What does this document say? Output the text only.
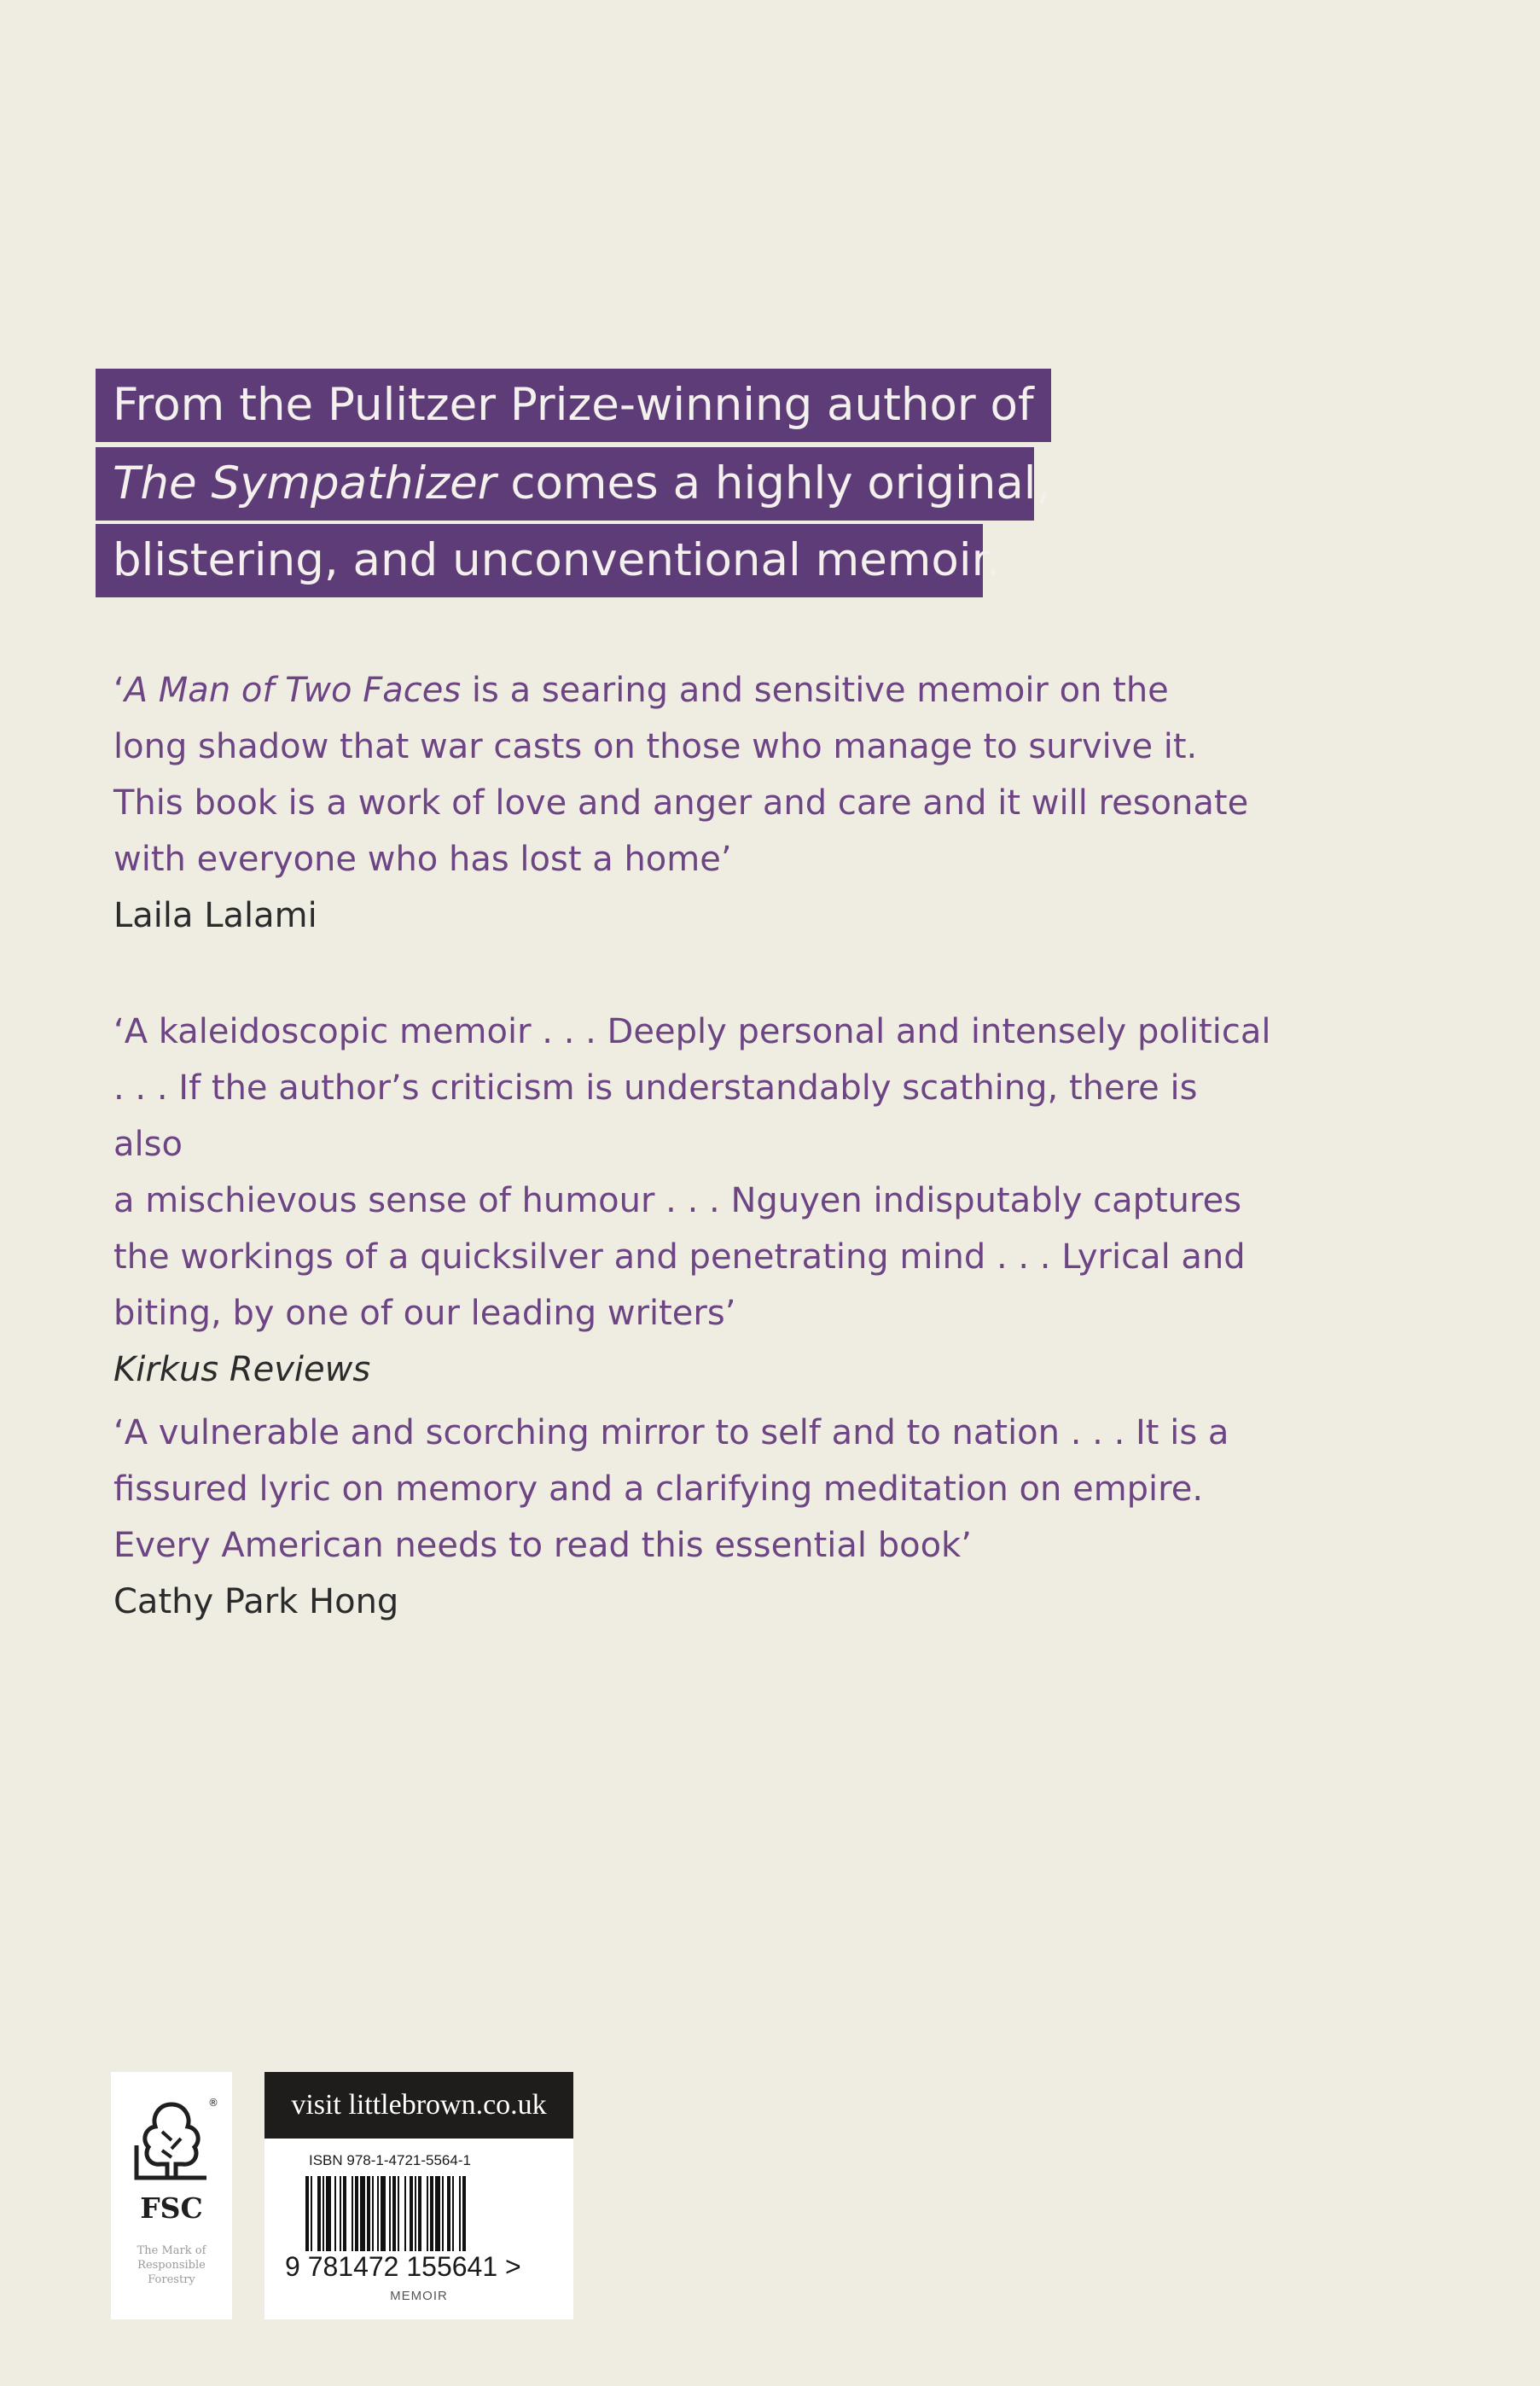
From the Pulitzer Prize-winning author of
The Sympathizer comes a highly original,
blistering, and unconventional memoir.

‘A Man of Two Faces is a searing and sensitive memoir on the

long shadow that war casts on those who manage to survive it.

This book is a work of love and anger and care and it will resonate

with everyone who has lost a home’

Laila Lalami

‘A kaleidoscopic memoir . . . Deeply personal and intensely political

. . . If the author’s criticism is understandably scathing, there is also

a mischievous sense of humour . . . Nguyen indisputably captures

the workings of a quicksilver and penetrating mind . . . Lyrical and

biting, by one of our leading writers’

Kirkus Reviews

‘A vulnerable and scorching mirror to self and to nation . . . It is a

fissured lyric on memory and a clarifying meditation on empire.

Every American needs to read this essential book’

Cathy Park Hong

®
FSC
The Mark of
Responsible
Forestry
visit littlebrown.co.uk
ISBN 978-1-4721-5564-1
9 781472 155641 >
MEMOIR
